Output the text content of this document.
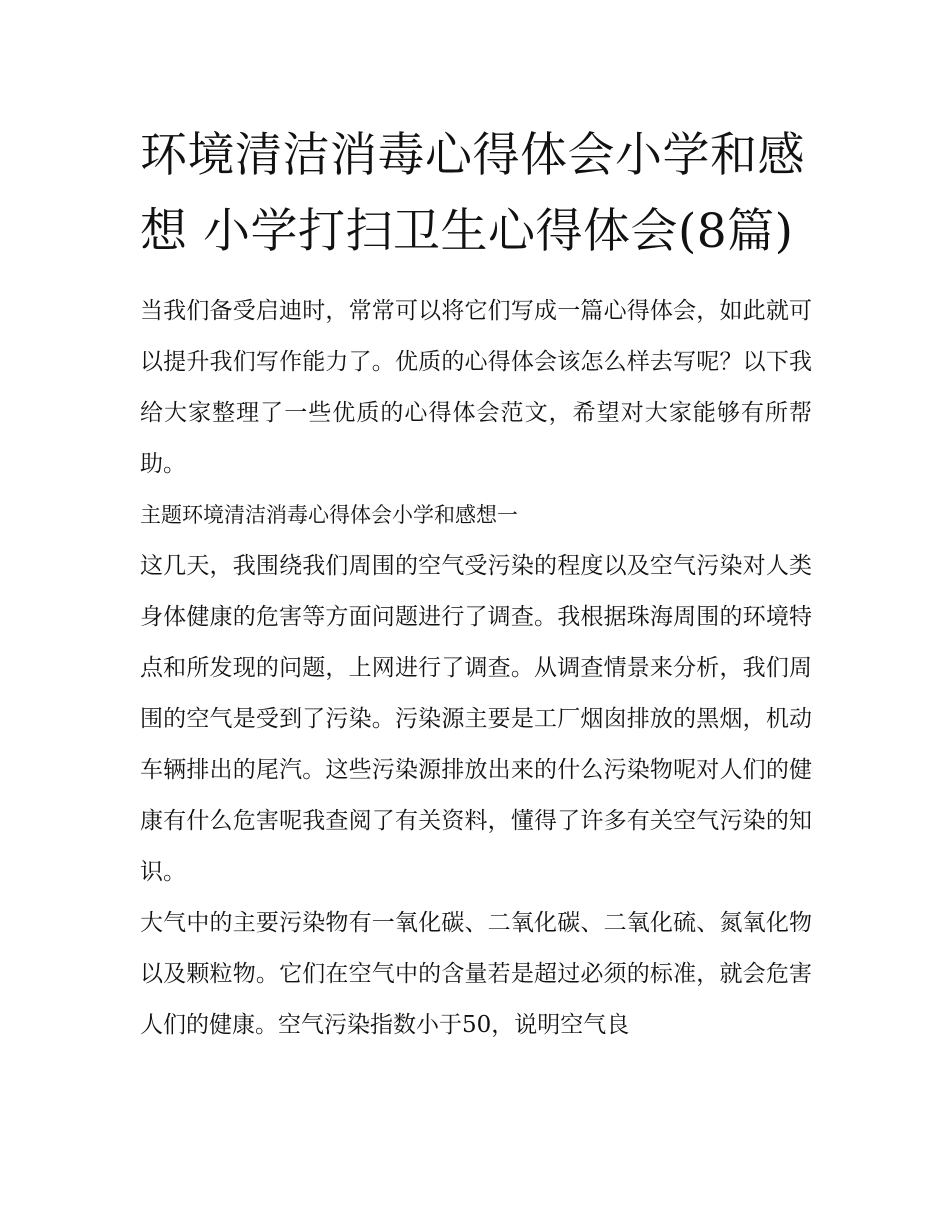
环境清洁消毒心得体会小学和感想 小学打扫卫生心得体会(8篇)

当我们备受启迪时，常常可以将它们写成一篇心得体会，如此就可以提升我们写作能力了。优质的心得体会该怎么样去写呢？以下我给大家整理了一些优质的心得体会范文，希望对大家能够有所帮助。

主题环境清洁消毒心得体会小学和感想一

这几天，我围绕我们周围的空气受污染的程度以及空气污染对人类身体健康的危害等方面问题进行了调查。我根据珠海周围的环境特点和所发现的问题，上网进行了调查。从调查情景来分析，我们周围的空气是受到了污染。污染源主要是工厂烟囱排放的黑烟，机动车辆排出的尾汽。这些污染源排放出来的什么污染物呢对人们的健康有什么危害呢我查阅了有关资料，懂得了许多有关空气污染的知识。

大气中的主要污染物有一氧化碳、二氧化碳、二氧化硫、氮氧化物以及颗粒物。它们在空气中的含量若是超过必须的标准，就会危害人们的健康。空气污染指数小于50，说明空气良
